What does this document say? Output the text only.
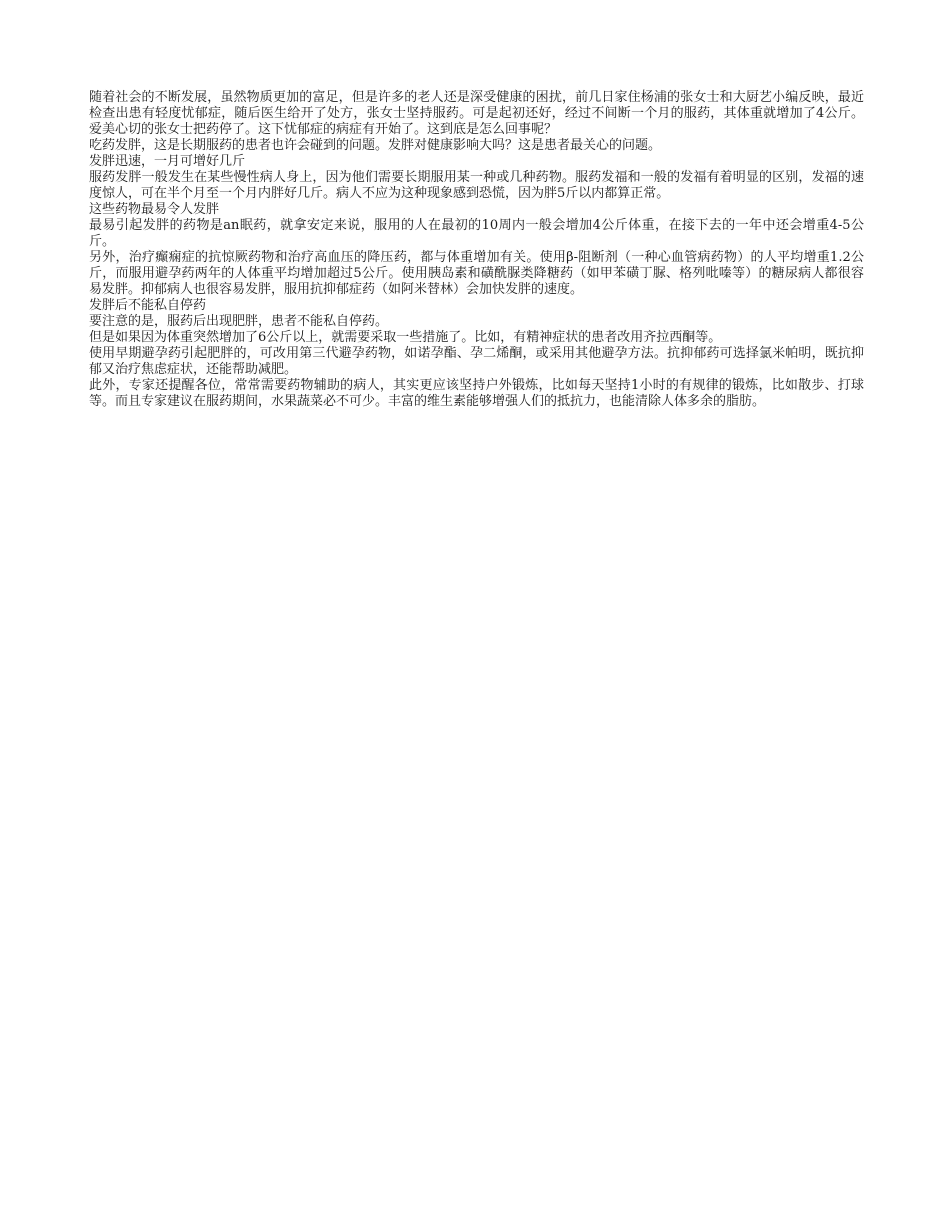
随着社会的不断发展，虽然物质更加的富足，但是许多的老人还是深受健康的困扰，前几日家住杨浦的张女士和大厨艺小编反映，最近检查出患有轻度忧郁症，随后医生给开了处方，张女士坚持服药。可是起初还好，经过不间断一个月的服药，其体重就增加了4公斤。爱美心切的张女士把药停了。这下忧郁症的病症有开始了。这到底是怎么回事呢？

吃药发胖，这是长期服药的患者也许会碰到的问题。发胖对健康影响大吗？这是患者最关心的问题。

发胖迅速，一月可增好几斤

服药发胖一般发生在某些慢性病人身上，因为他们需要长期服用某一种或几种药物。服药发福和一般的发福有着明显的区别，发福的速度惊人，可在半个月至一个月内胖好几斤。病人不应为这种现象感到恐慌，因为胖5斤以内都算正常。

这些药物最易令人发胖

最易引起发胖的药物是an眠药，就拿安定来说，服用的人在最初的10周内一般会增加4公斤体重，在接下去的一年中还会增重4-5公斤。

另外，治疗癫痫症的抗惊厥药物和治疗高血压的降压药，都与体重增加有关。使用β-阻断剂（一种心血管病药物）的人平均增重1.2公斤，而服用避孕药两年的人体重平均增加超过5公斤。使用胰岛素和磺酰脲类降糖药（如甲苯磺丁脲、格列吡嗪等）的糖尿病人都很容易发胖。抑郁病人也很容易发胖，服用抗抑郁症药（如阿米替林）会加快发胖的速度。

发胖后不能私自停药

要注意的是，服药后出现肥胖，患者不能私自停药。

但是如果因为体重突然增加了6公斤以上，就需要采取一些措施了。比如，有精神症状的患者改用齐拉西酮等。

使用早期避孕药引起肥胖的，可改用第三代避孕药物，如诺孕酯、孕二烯酮，或采用其他避孕方法。抗抑郁药可选择氯米帕明，既抗抑郁又治疗焦虑症状，还能帮助减肥。

此外，专家还提醒各位，常常需要药物辅助的病人，其实更应该坚持户外锻炼，比如每天坚持1小时的有规律的锻炼，比如散步、打球等。而且专家建议在服药期间，水果蔬菜必不可少。丰富的维生素能够增强人们的抵抗力，也能清除人体多余的脂肪。
